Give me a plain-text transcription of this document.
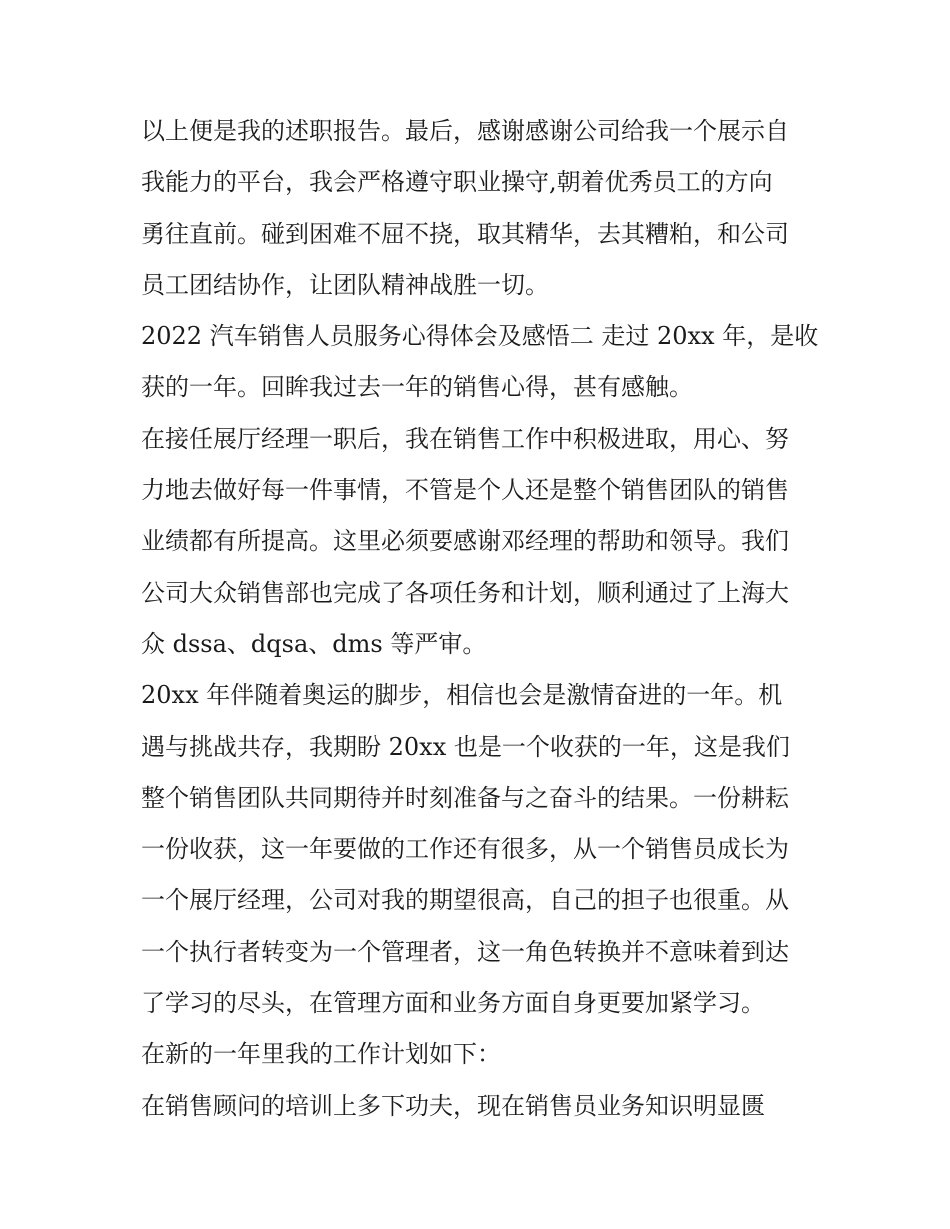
以上便是我的述职报告。最后，感谢感谢公司给我一个展示自
我能力的平台，我会严格遵守职业操守,朝着优秀员工的方向
勇往直前。碰到困难不屈不挠，取其精华，去其糟粕，和公司
员工团结协作，让团队精神战胜一切。
2022 汽车销售人员服务心得体会及感悟二 走过 20xx 年，是收
获的一年。回眸我过去一年的销售心得，甚有感触。
在接任展厅经理一职后，我在销售工作中积极进取，用心、努
力地去做好每一件事情，不管是个人还是整个销售团队的销售
业绩都有所提高。这里必须要感谢邓经理的帮助和领导。我们
公司大众销售部也完成了各项任务和计划，顺利通过了上海大
众 dssa、dqsa、dms 等严审。
20xx 年伴随着奥运的脚步，相信也会是激情奋进的一年。机
遇与挑战共存，我期盼 20xx 也是一个收获的一年，这是我们
整个销售团队共同期待并时刻准备与之奋斗的结果。一份耕耘
一份收获，这一年要做的工作还有很多，从一个销售员成长为
一个展厅经理，公司对我的期望很高，自己的担子也很重。从
一个执行者转变为一个管理者，这一角色转换并不意味着到达
了学习的尽头，在管理方面和业务方面自身更要加紧学习。
在新的一年里我的工作计划如下：
在销售顾问的培训上多下功夫，现在销售员业务知识明显匮
